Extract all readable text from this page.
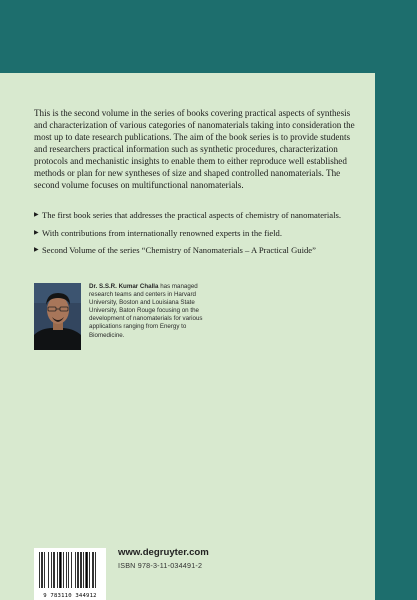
This is the second volume in the series of books covering practical aspects of synthesis and characterization of various categories of nanomaterials taking into consideration the most up to date research publications. The aim of the book series is to provide students and researchers practical information such as synthetic procedures, characterization protocols and mechanistic insights to enable them to either reproduce well established methods or plan for new syntheses of size and shaped controlled nanomaterials. The second volume focuses on multifunctional nanomaterials.

▶ The first book series that addresses the practical aspects of chemistry of nanomaterials.
▶ With contributions from internationally renowned experts in the field.
▶ Second Volume of the series “Chemistry of Nanomaterials – A Practical Guide”
Dr. S.S.R. Kumar Challa has managed research teams and centers in Harvard University, Boston and Louisiana State University, Baton Rouge focusing on the development of nanomaterials for various applications ranging from Energy to Biomedicine.
9 783110 344912
www.degruyter.com
ISBN 978-3-11-034491-2
